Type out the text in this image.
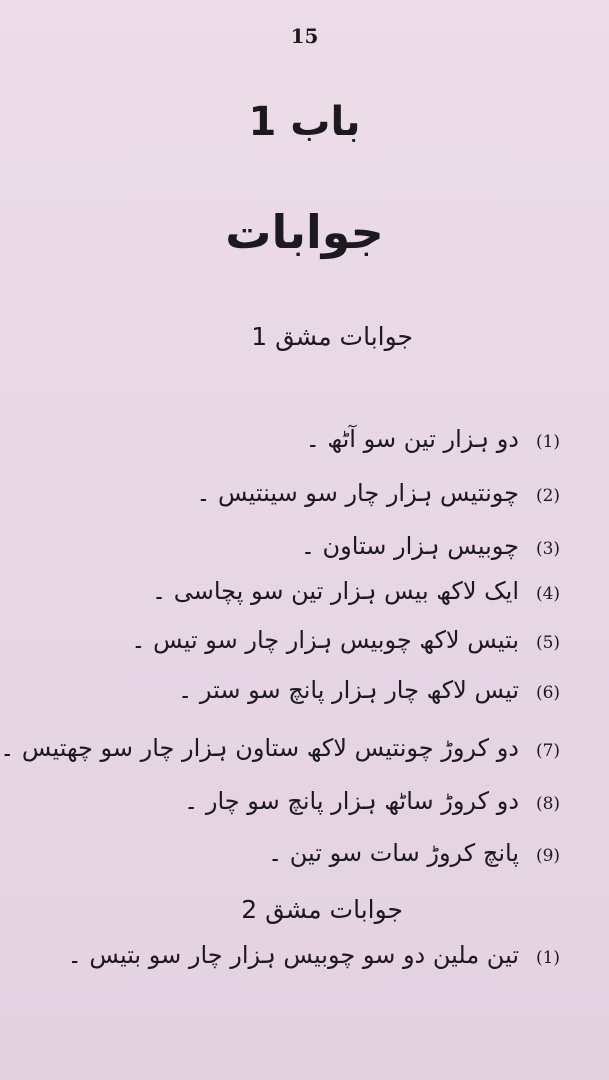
15
باب 1
جوابات
جوابات مشق 1
(1)
دو ہزار تین سو آٹھ ۔
(2)
چونتیس ہزار چار سو سینتیس ۔
(3)
چوبیس ہزار ستاون ۔
(4)
ایک لاکھ بیس ہزار تین سو پچاسی ۔
(5)
بتیس لاکھ چوبیس ہزار چار سو تیس ۔
(6)
تیس لاکھ چار ہزار پانچ سو ستر ۔
(7)
دو کروڑ چونتیس لاکھ ستاون ہزار چار سو چھتیس ۔
(8)
دو کروڑ ساٹھ ہزار پانچ سو چار ۔
(9)
پانچ کروڑ سات سو تین ۔
جوابات مشق 2
(1)
تین ملین دو سو چوبیس ہزار چار سو بتیس ۔
